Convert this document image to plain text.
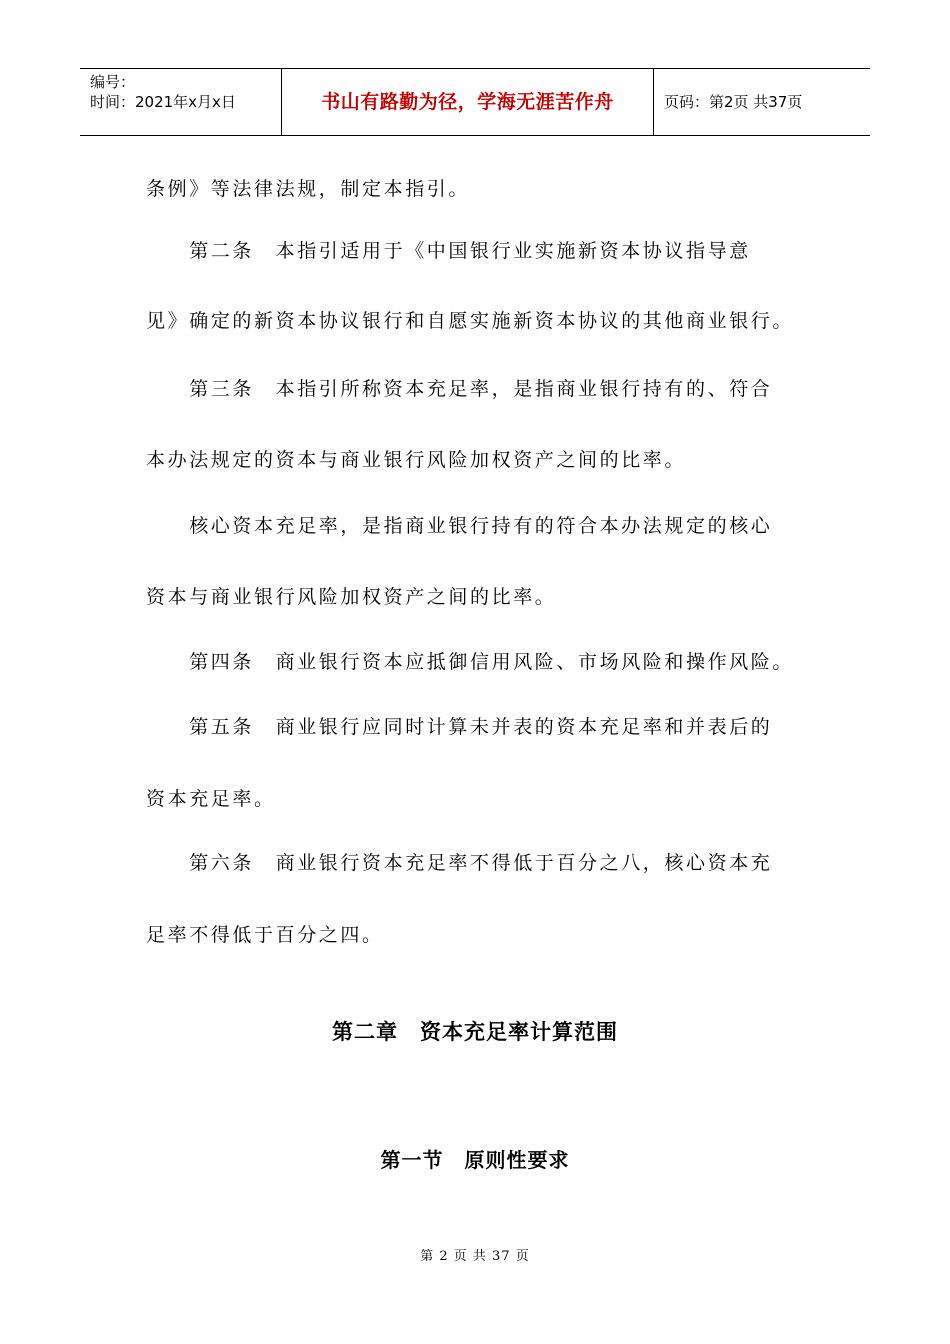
编号：
时间：2021年x月x日	书山有路勤为径，学海无涯苦作舟	页码：第2页 共37页

条例》等法律法规，制定本指引。

　　第二条　本指引适用于《中国银行业实施新资本协议指导意

见》确定的新资本协议银行和自愿实施新资本协议的其他商业银行。

　　第三条　本指引所称资本充足率，是指商业银行持有的、符合

本办法规定的资本与商业银行风险加权资产之间的比率。

　　核心资本充足率，是指商业银行持有的符合本办法规定的核心

资本与商业银行风险加权资产之间的比率。

　　第四条　商业银行资本应抵御信用风险、市场风险和操作风险。

　　第五条　商业银行应同时计算未并表的资本充足率和并表后的

资本充足率。

　　第六条　商业银行资本充足率不得低于百分之八，核心资本充

足率不得低于百分之四。

第二章　资本充足率计算范围
第一节　原则性要求
第 2 页 共 37 页
